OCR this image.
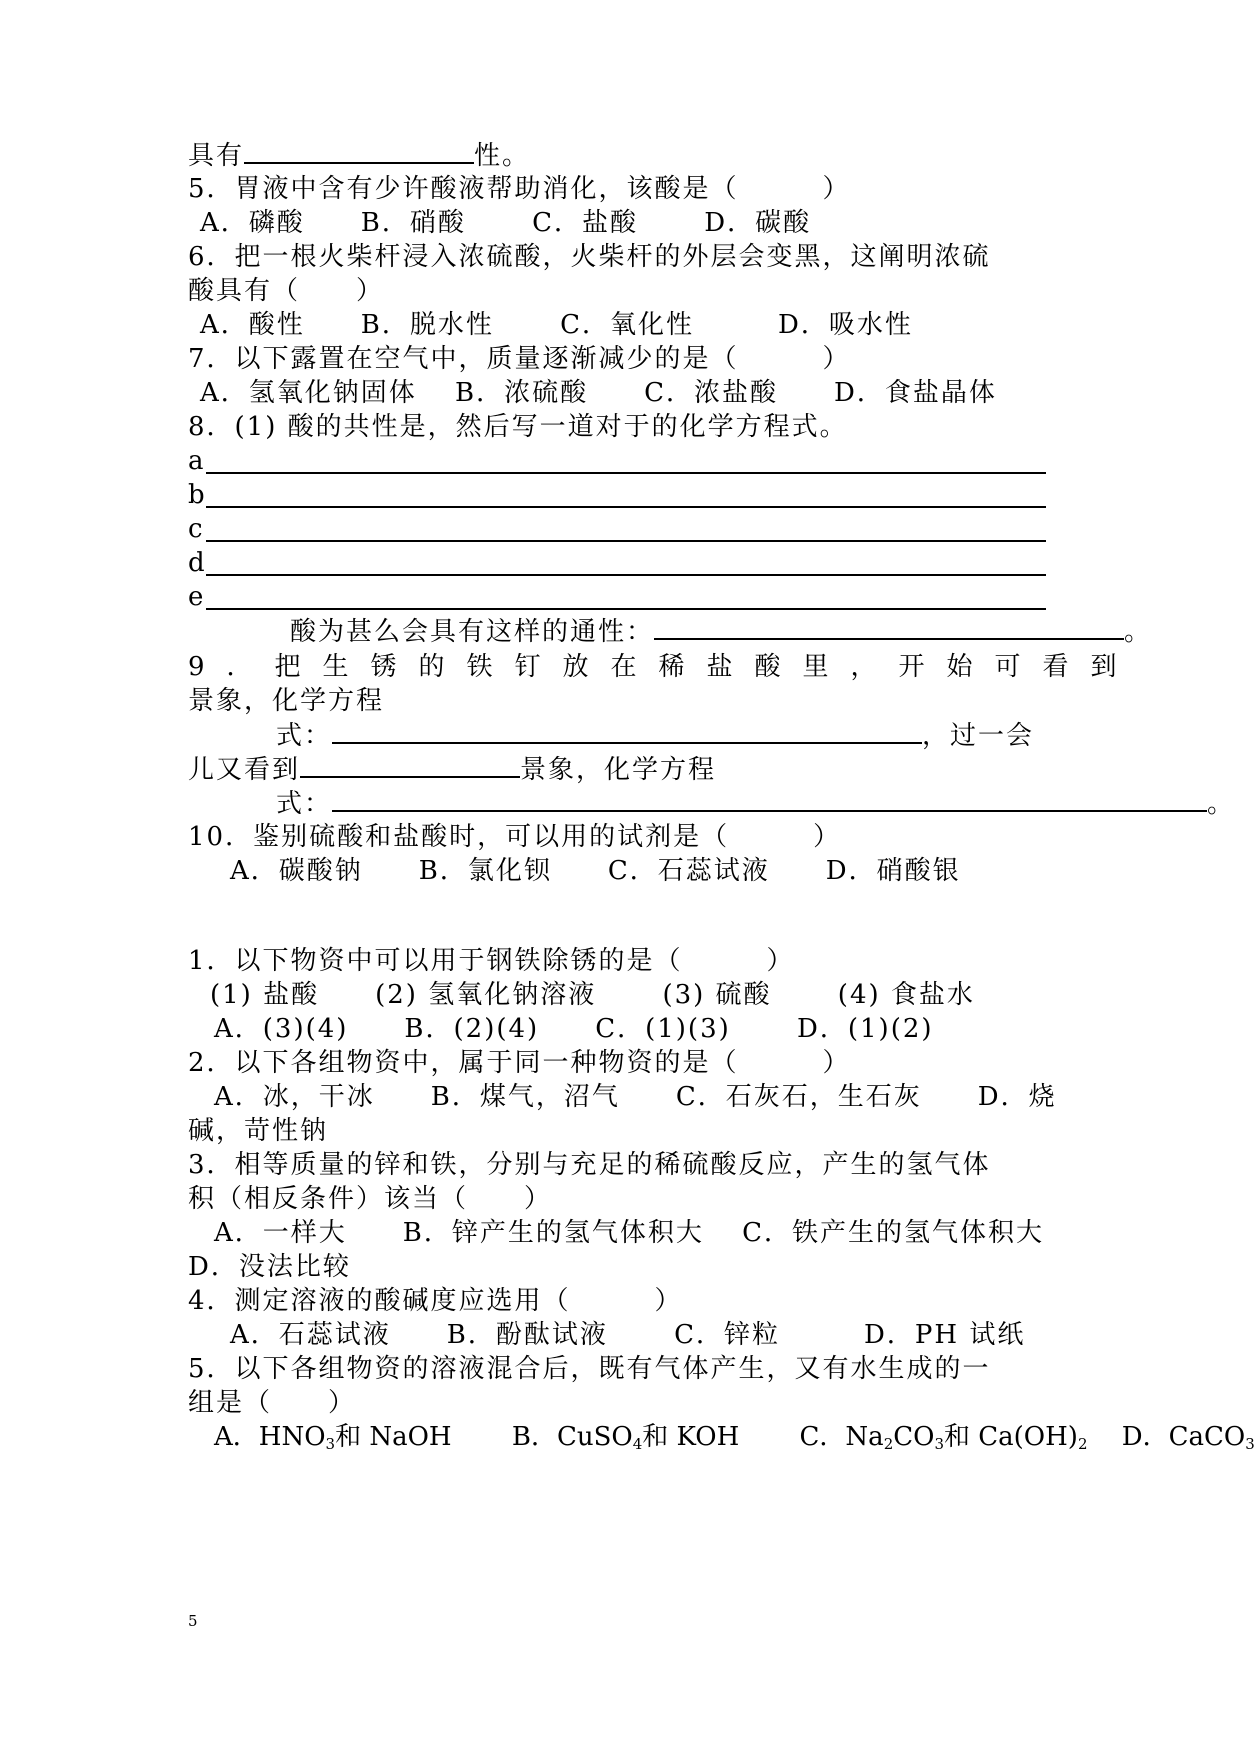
具有	性。
5．胃液中含有少许酸液帮助消化，该酸是（　　　）
A．磷酸　　B．硝酸　　 C．盐酸　　 D．碳酸
6．把一根火柴杆浸入浓硫酸，火柴杆的外层会变黑，这阐明浓硫
酸具有（　　）
A．酸性　　B．脱水性　　 C．氧化性　　　D．吸水性
7．以下露置在空气中，质量逐渐减少的是（　　　）
A．氢氧化钠固体　 B．浓硫酸　　C．浓盐酸　　D．食盐晶体
8．(1) 酸的共性是，然后写一道对于的化学方程式。
a
b
c
d
e
酸为甚么会具有这样的通性：	。
9．把生锈的铁钉放在稀盐酸里，开始可看到
景象，化学方程
式：	，过一会
儿又看到	景象，化学方程
式：	。
10．鉴别硫酸和盐酸时，可以用的试剂是（　　　）
A．碳酸钠　　B．氯化钡　　C．石蕊试液　　D．硝酸银
1．以下物资中可以用于钢铁除锈的是（　　　）
(1) 盐酸　　(2) 氢氧化钠溶液　　 (3) 硫酸　　 (4) 食盐水
A．(3)(4)　　B．(2)(4)　　C．(1)(3)　　 D．(1)(2)
2．以下各组物资中，属于同一种物资的是（　　　）
A．冰，干冰　　B．煤气，沼气　　C．石灰石，生石灰　　D．烧
碱，苛性钠
3．相等质量的锌和铁，分别与充足的稀硫酸反应，产生的氢气体
积（相反条件）该当（　　）
A．一样大　　B．锌产生的氢气体积大　 C．铁产生的氢气体积大
D．没法比较
4．测定溶液的酸碱度应选用（　　　）
A．石蕊试液　　B．酚酞试液　　 C．锌粒　　　D．PH 试纸
5．以下各组物资的溶液混合后，既有气体产生，又有水生成的一
组是（　　）
A．$HNO_3$和 NaOH　　 B．CuSO$_4$和 KOH　　 C．$Na_2CO_3$和 $Ca(OH)_2$ 　D．CaCO$_3$
5
